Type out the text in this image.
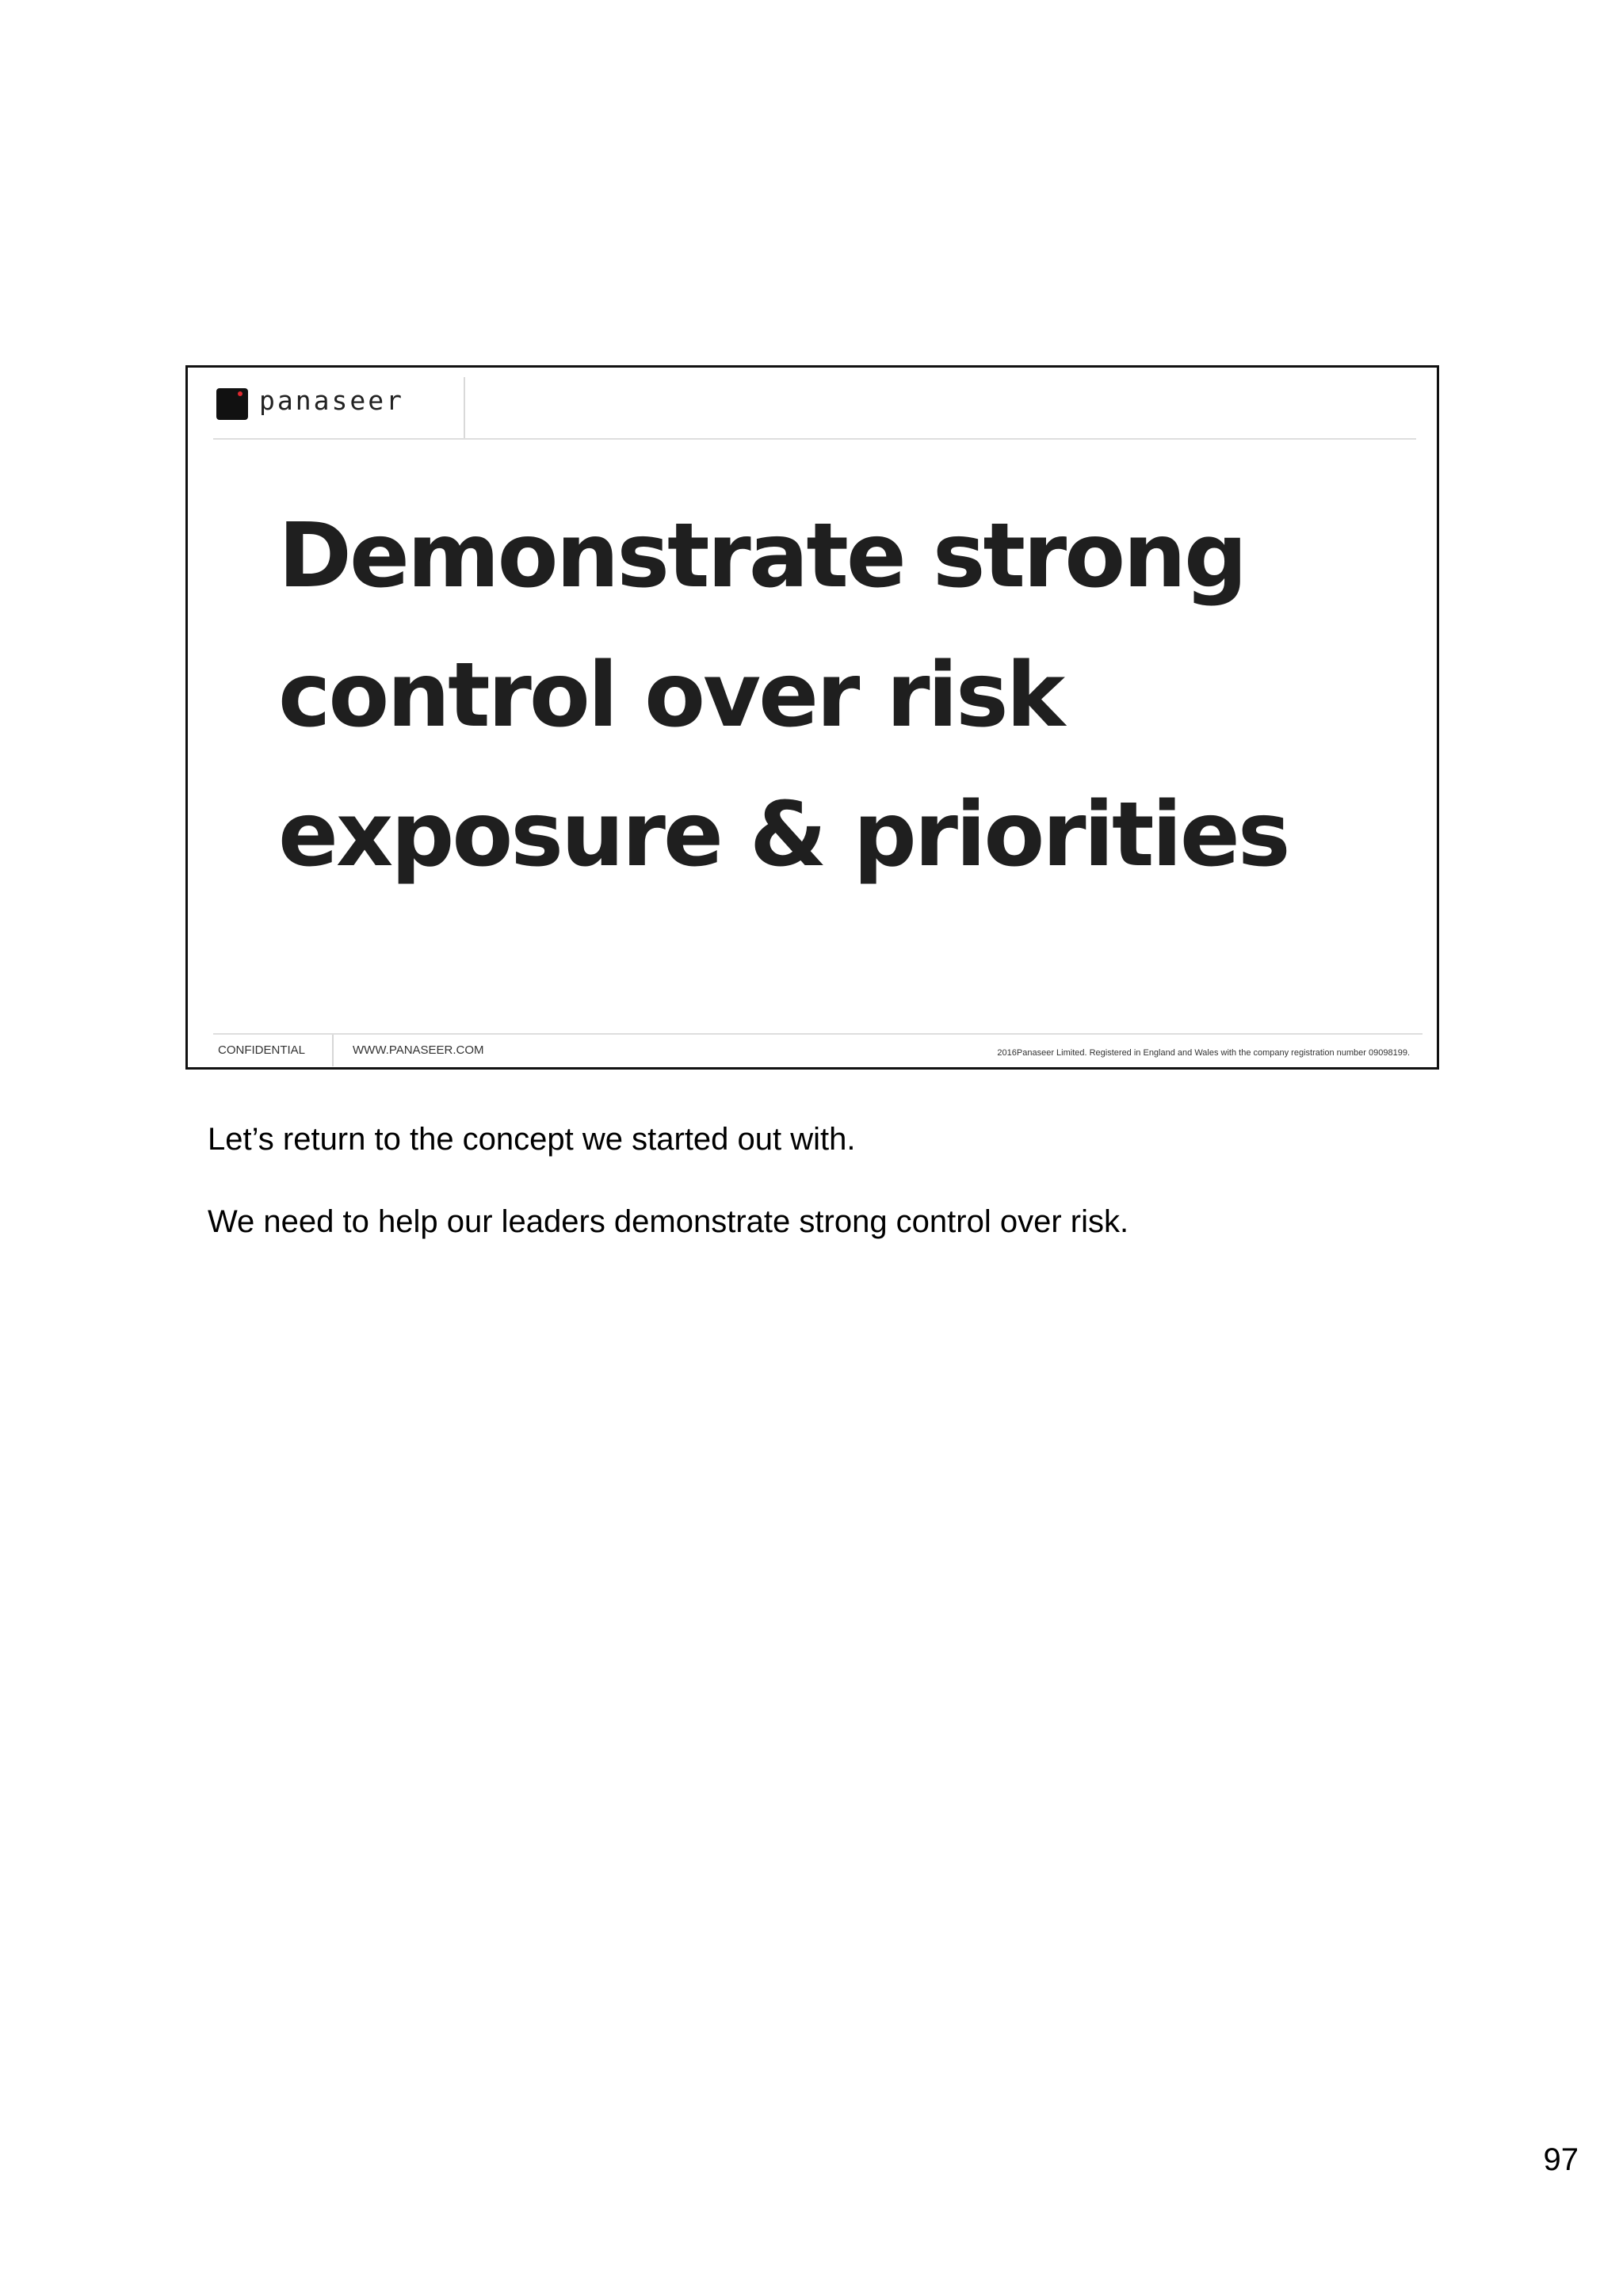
panaseer
Demonstrate strong
control over risk
exposure & priorities
CONFIDENTIAL	WWW.PANASEER.COM	2016Panaseer Limited. Registered in England and Wales with the company registration number 09098199.

Let’s return to the concept we started out with.

We need to help our leaders demonstrate strong control over risk.

97
